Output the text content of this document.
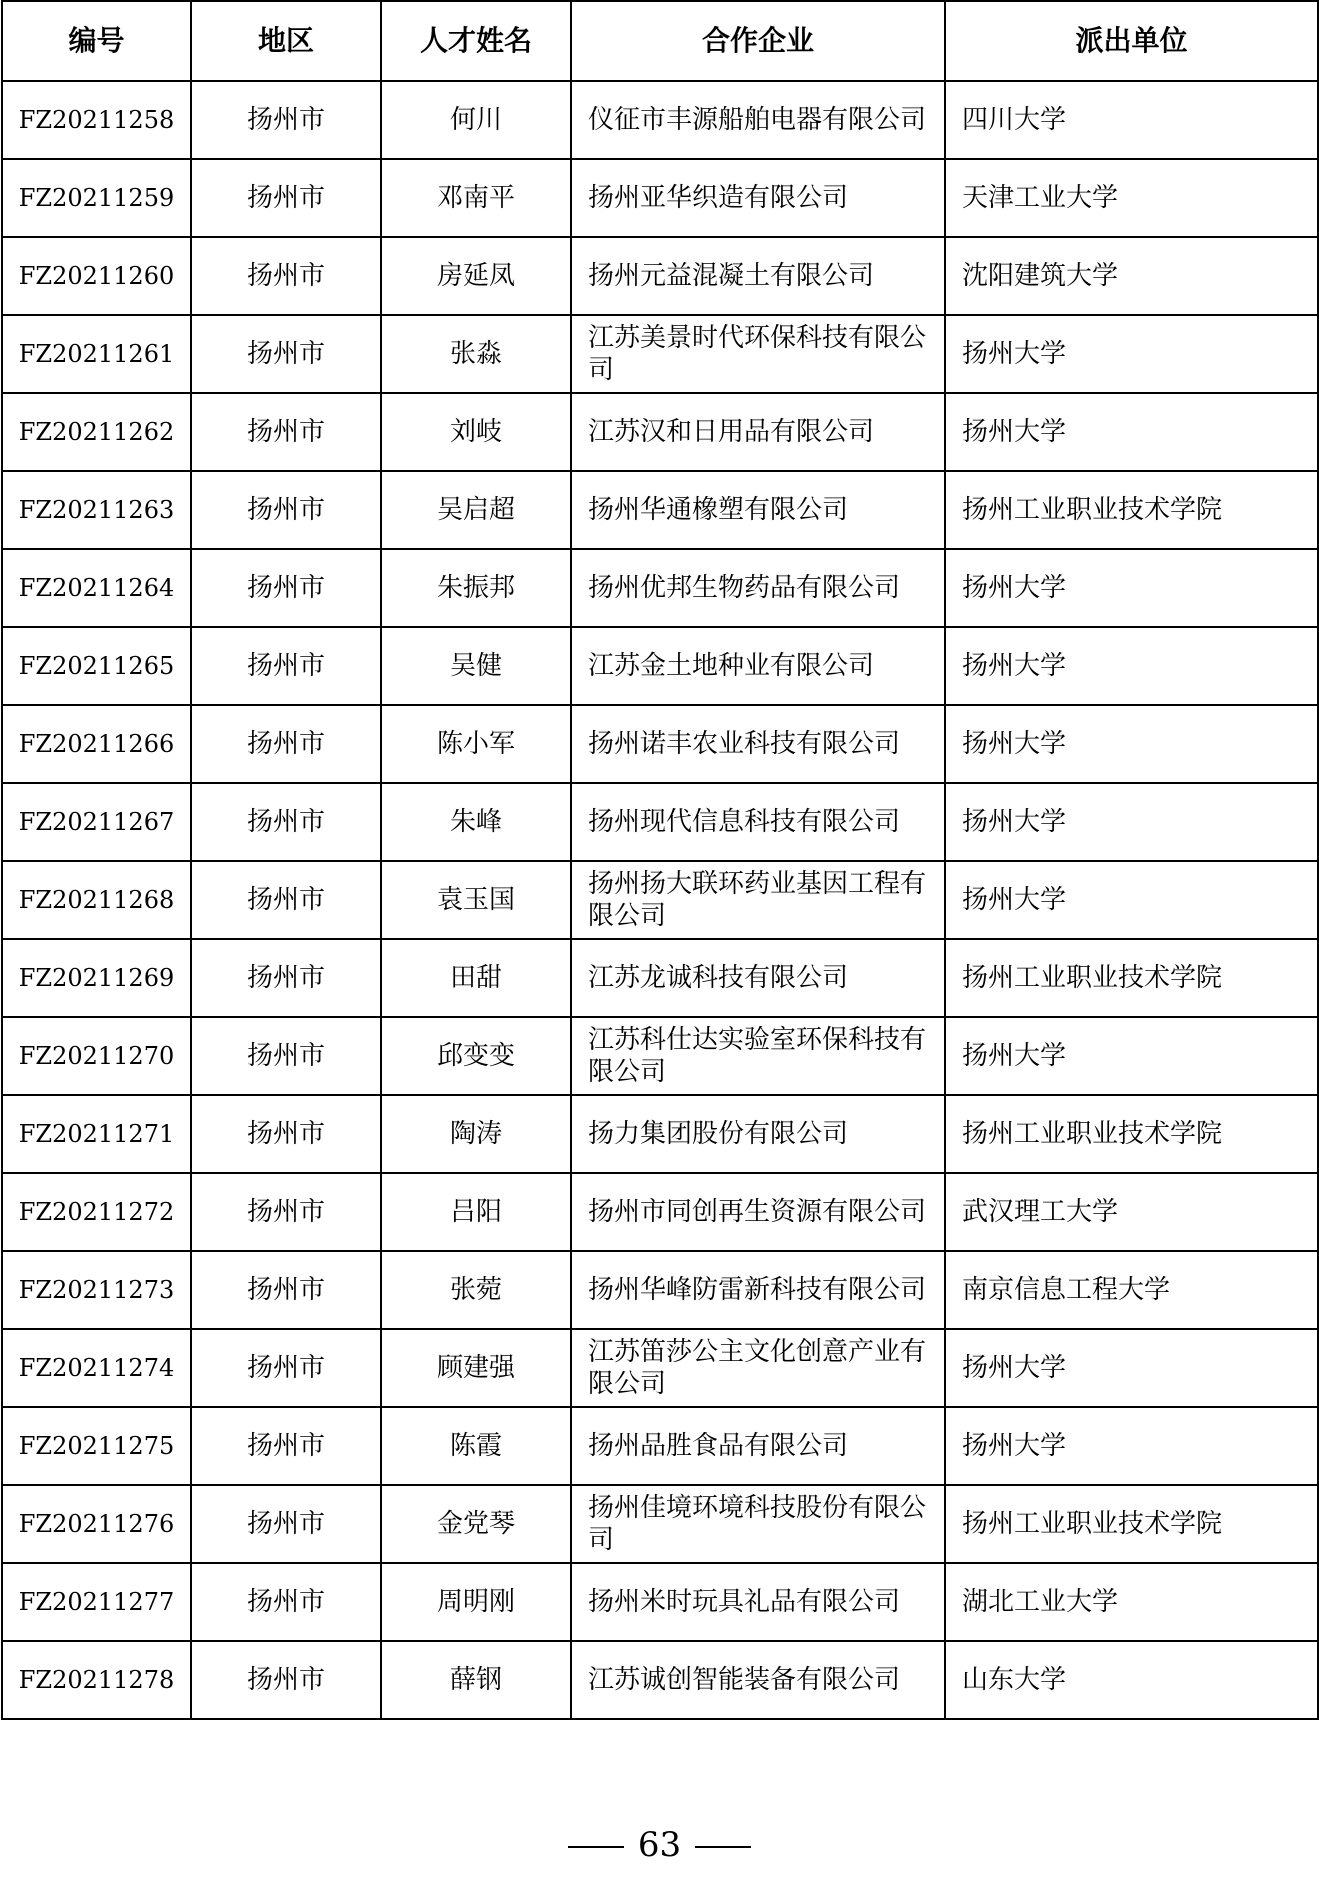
编号	地区	人才姓名	合作企业	派出单位
FZ20211258	扬州市	何川	仪征市丰源船舶电器有限公司	四川大学
FZ20211259	扬州市	邓南平	扬州亚华织造有限公司	天津工业大学
FZ20211260	扬州市	房延凤	扬州元益混凝土有限公司	沈阳建筑大学
FZ20211261	扬州市	张淼	江苏美景时代环保科技有限公司	扬州大学
FZ20211262	扬州市	刘岐	江苏汉和日用品有限公司	扬州大学
FZ20211263	扬州市	吴启超	扬州华通橡塑有限公司	扬州工业职业技术学院
FZ20211264	扬州市	朱振邦	扬州优邦生物药品有限公司	扬州大学
FZ20211265	扬州市	吴健	江苏金土地种业有限公司	扬州大学
FZ20211266	扬州市	陈小军	扬州诺丰农业科技有限公司	扬州大学
FZ20211267	扬州市	朱峰	扬州现代信息科技有限公司	扬州大学
FZ20211268	扬州市	袁玉国	扬州扬大联环药业基因工程有限公司	扬州大学
FZ20211269	扬州市	田甜	江苏龙诚科技有限公司	扬州工业职业技术学院
FZ20211270	扬州市	邱变变	江苏科仕达实验室环保科技有限公司	扬州大学
FZ20211271	扬州市	陶涛	扬力集团股份有限公司	扬州工业职业技术学院
FZ20211272	扬州市	吕阳	扬州市同创再生资源有限公司	武汉理工大学
FZ20211273	扬州市	张菀	扬州华峰防雷新科技有限公司	南京信息工程大学
FZ20211274	扬州市	顾建强	江苏笛莎公主文化创意产业有限公司	扬州大学
FZ20211275	扬州市	陈霞	扬州品胜食品有限公司	扬州大学
FZ20211276	扬州市	金党琴	扬州佳境环境科技股份有限公司	扬州工业职业技术学院
FZ20211277	扬州市	周明刚	扬州米时玩具礼品有限公司	湖北工业大学
FZ20211278	扬州市	薛钢	江苏诚创智能装备有限公司	山东大学
63
